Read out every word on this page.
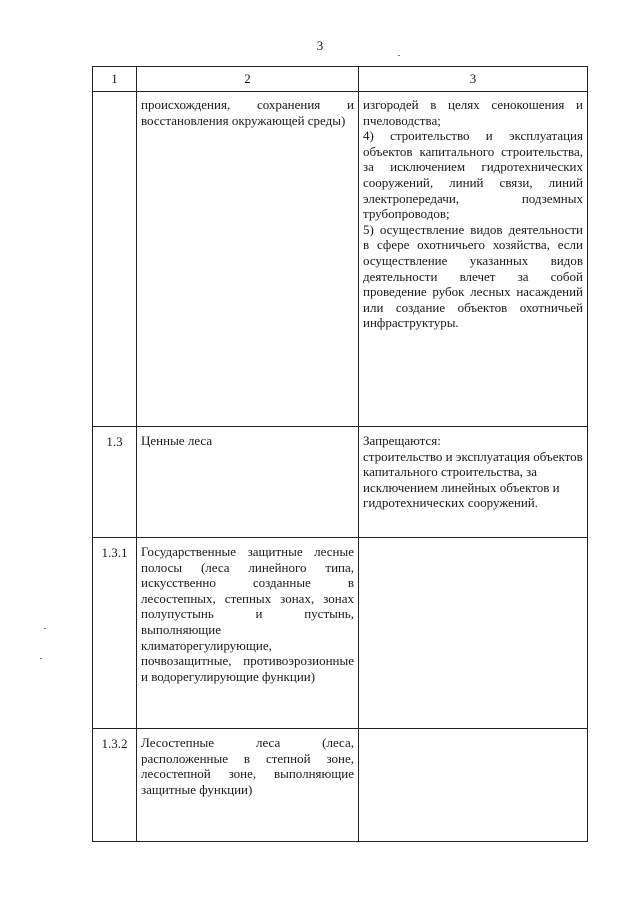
3
1	2	3

	происхождения, сохранения и восстановления окружающей среды)	изгородей в целях сенокошения и пчеловодства;

4) строительство и эксплуатация объектов капитального строительства, за исключением гидротехнических сооружений, линий связи, линий электропередачи, подземных трубопроводов;

5) осуществление видов деятельности в сфере охотничьего хозяйства, если осуществление указанных видов деятельности влечет за собой проведение рубок лесных насаждений или создание объектов охотничьей инфраструктуры.

1.3	Ценные леса	Запрещаются:

строительство и эксплуатация объектов капитального строительства, за исключением линейных объектов и гидротехнических сооружений.

1.3.1	Государственные защитные лесные полосы (леса линейного типа, искусственно созданные в лесостепных, степных зонах, зонах полупустынь и пустынь, выполняющие климаторегулирующие, почвозащитные, противоэрозионные и водорегулирующие функции)	

1.3.2	Лесостепные леса (леса, расположенные в степной зоне, лесостепной зоне, выполняющие защитные функции)	
